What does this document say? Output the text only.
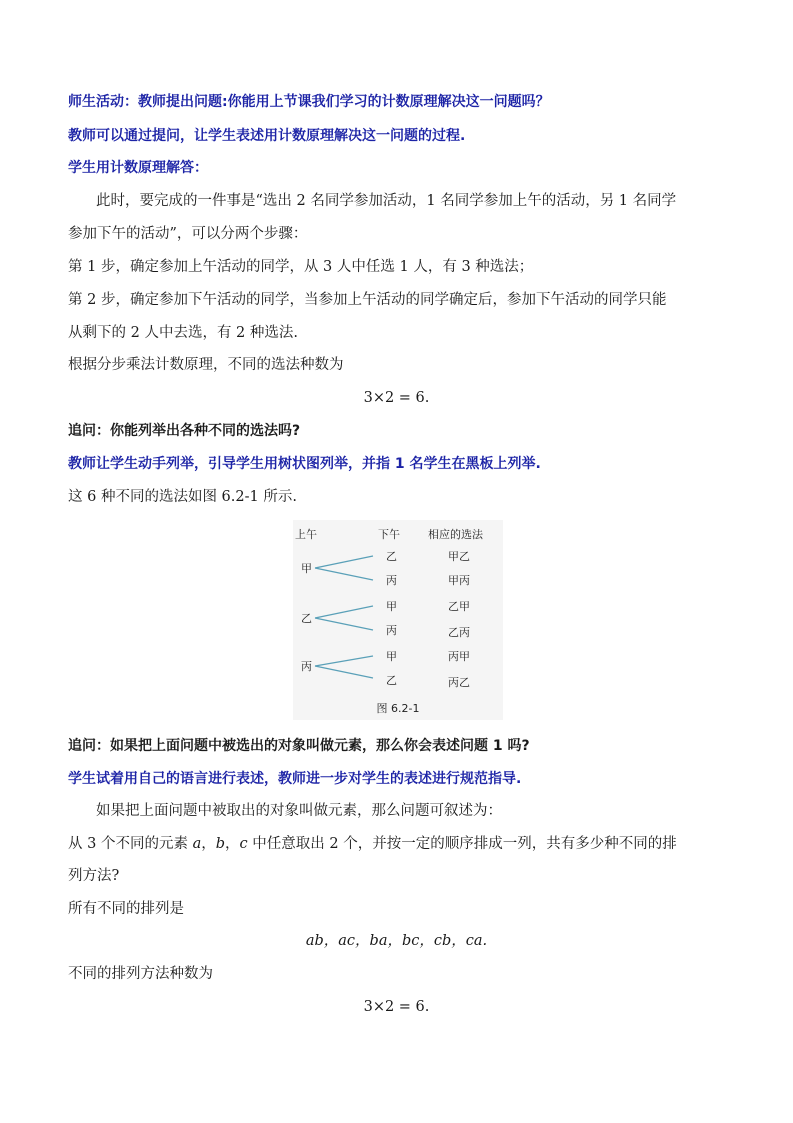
师生活动：教师提出问题:你能用上节课我们学习的计数原理解决这一问题吗？
教师可以通过提问，让学生表述用计数原理解决这一问题的过程.
学生用计数原理解答：
此时，要完成的一件事是“选出 2 名同学参加活动，1 名同学参加上午的活动，另 1 名同学
参加下午的活动”，可以分两个步骤：
第 1 步，确定参加上午活动的同学，从 3 人中任选 1 人，有 3 种选法；
第 2 步，确定参加下午活动的同学，当参加上午活动的同学确定后，参加下午活动的同学只能
从剩下的 2 人中去选，有 2 种选法.
根据分步乘法计数原理，不同的选法种数为
3×2 = 6.
追问：你能列举出各种不同的选法吗?
教师让学生动手列举，引导学生用树状图列举，并指 1 名学生在黑板上列举.
这 6 种不同的选法如图 6.2-1 所示.
上午	下午	相应的选法
甲
乙
丙
乙
丙
甲
丙
甲
乙
甲乙
甲丙
乙甲
乙丙
丙甲
丙乙
图 6.2-1
追问：如果把上面问题中被选出的对象叫做元素，那么你会表述问题 1 吗?
学生试着用自己的语言进行表述，教师进一步对学生的表述进行规范指导.
如果把上面问题中被取出的对象叫做元素，那么问题可叙述为：
从 3 个不同的元素 a，b，c 中任意取出 2 个，并按一定的顺序排成一列，共有多少种不同的排
列方法?
所有不同的排列是
ab，ac，ba，bc，cb，ca.
不同的排列方法种数为
3×2 = 6.
